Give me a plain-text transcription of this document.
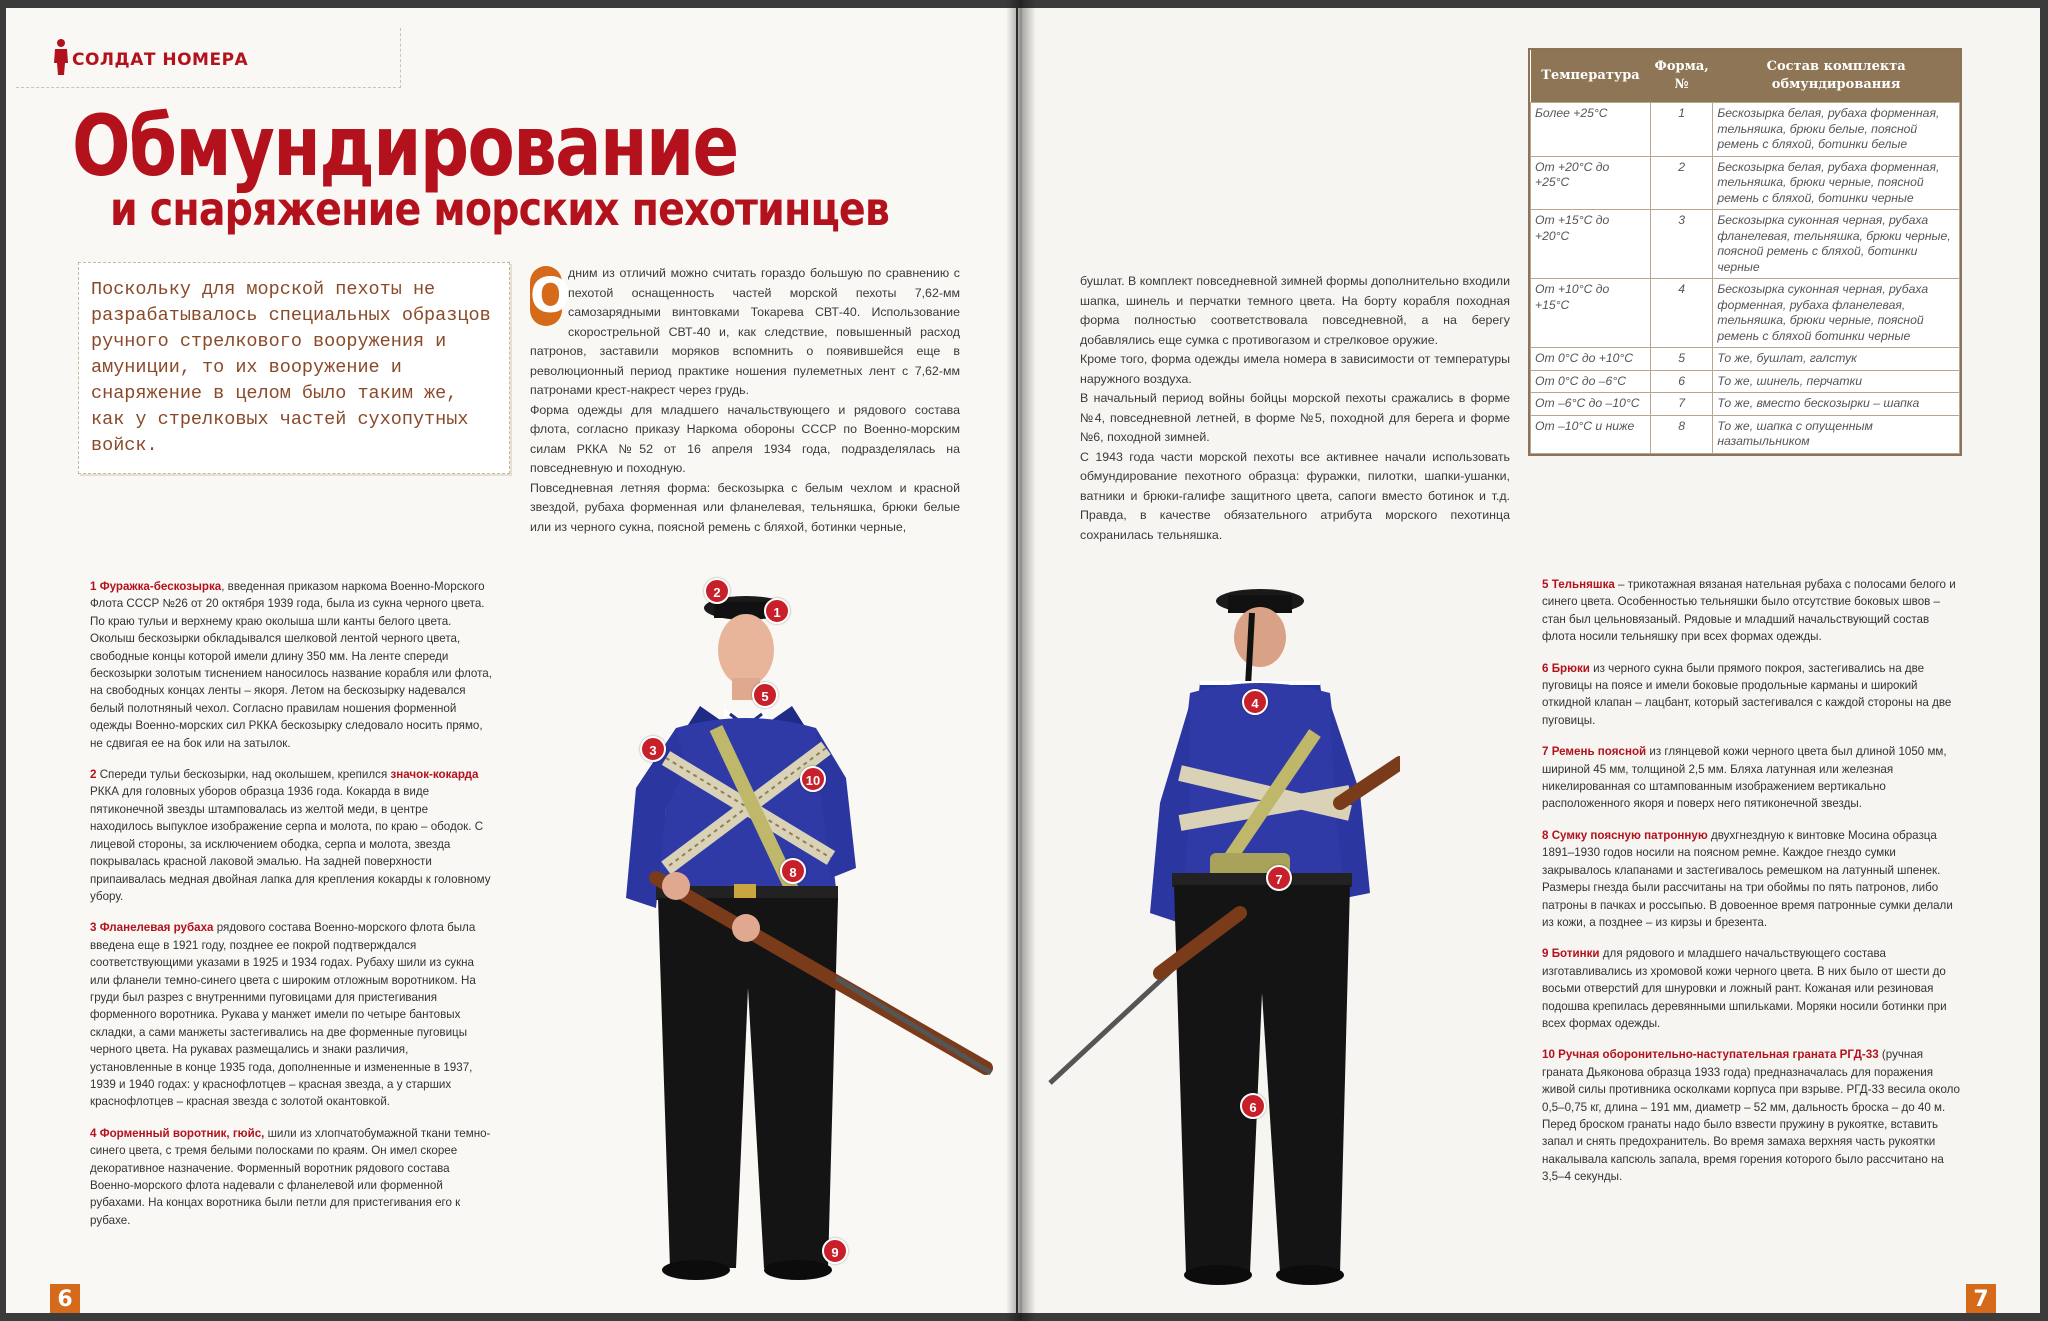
СОЛДАТ НОМЕРА
Обмундирование
и снаряжение морских пехотинцев
Поскольку для морской пехоты не разрабатывалось специальных образцов ручного стрелкового вооружения и амуниции, то их вооружение и снаряжение в целом было таким же, как у стрелковых частей сухопутных войск.
О

дним из отличий можно считать гораздо большую по сравнению с пехотой оснащенность частей морской пехоты 7,62-мм самозарядными винтовками Токарева СВТ-40. Использование скорострельной СВТ-40 и, как следствие, повышенный расход патронов, заставили моряков вспомнить о появившейся еще в революционный период практике ношения пулеметных лент с 7,62-мм патронами крест-накрест через грудь.

Форма одежды для младшего начальствующего и рядового состава флота, согласно приказу Наркома обороны СССР по Военно-морским силам РККА №52 от 16 апреля 1934 года, подразделялась на повседневную и походную.

Повседневная летняя форма: бескозырка с белым чехлом и красной звездой, рубаха форменная или фланелевая, тельняшка, брюки белые или из черного сукна, поясной ремень с бляхой, ботинки черные,

1 Фуражка-бескозырка, введенная приказом наркома Военно-Морского Флота СССР №26 от 20 октября 1939 года, была из сукна черного цвета. По краю тульи и верхнему краю околыша шли канты белого цвета. Околыш бескозырки обкладывался шелковой лентой черного цвета, свободные концы которой имели длину 350 мм. На ленте спереди бескозырки золотым тиснением наносилось название корабля или флота, на свободных концах ленты – якоря. Летом на бескозырку надевался белый полотняный чехол. Согласно правилам ношения форменной одежды Военно-морских сил РККА бескозырку следовало носить прямо, не сдвигая ее на бок или на затылок.
2 Спереди тульи бескозырки, над околышем, крепился значок-кокарда РККА для головных уборов образца 1936 года. Кокарда в виде пятиконечной звезды штамповалась из желтой меди, в центре находилось выпуклое изображение серпа и молота, по краю – ободок. С лицевой стороны, за исключением ободка, серпа и молота, звезда покрывалась красной лаковой эмалью. На задней поверхности припаивалась медная двойная лапка для крепления кокарды к головному убору.
3 Фланелевая рубаха рядового состава Военно-морского флота была введена еще в 1921 году, позднее ее покрой подтверждался соответствующими указами в 1925 и 1934 годах. Рубаху шили из сукна или фланели темно-синего цвета с широким отложным воротником. На груди был разрез с внутренними пуговицами для пристегивания форменного воротника. Рукава у манжет имели по четыре бантовых складки, а сами манжеты застегивались на две форменные пуговицы черного цвета. На рукавах размещались и знаки различия, установленные в конце 1935 года, дополненные и измененные в 1937, 1939 и 1940 годах: у краснофлотцев – красная звезда, а у старших краснофлотцев – красная звезда с золотой окантовкой.
4 Форменный воротник, гюйс, шили из хлопчатобумажной ткани темно-синего цвета, с тремя белыми полосками по краям. Он имел скорее декоративное назначение. Форменный воротник рядового состава Военно-морского флота надевали с фланелевой или форменной рубахами. На концах воротника были петли для пристегивания его к рубахе.
1
2
3
5
8
9
10
6

бушлат. В комплект повседневной зимней формы дополнительно входили шапка, шинель и перчатки темного цвета. На борту корабля походная форма полностью соответствовала повседневной, а на берегу добавлялись еще сумка с противогазом и стрелковое оружие.

Кроме того, форма одежды имела номера в зависимости от температуры наружного воздуха.

В начальный период войны бойцы морской пехоты сражались в форме №4, повседневной летней, в форме №5, походной для берега и форме №6, походной зимней.

С 1943 года части морской пехоты все активнее начали использовать обмундирование пехотного образца: фуражки, пилотки, шапки-ушанки, ватники и брюки-галифе защитного цвета, сапоги вместо ботинок и т.д. Правда, в качестве обязательного атрибута морского пехотинца сохранилась тельняшка.

Температура	Форма, №	Состав комплекта обмундирования
Более +25°С	1	Бескозырка белая, рубаха форменная, тельняшка, брюки белые, поясной ремень с бляхой, ботинки белые
От +20°С до +25°С	2	Бескозырка белая, рубаха форменная, тельняшка, брюки черные, поясной ремень с бляхой, ботинки черные
От +15°С до +20°С	3	Бескозырка суконная черная, рубаха фланелевая, тельняшка, брюки черные, поясной ремень с бляхой, ботинки черные
От +10°С до +15°С	4	Бескозырка суконная черная, рубаха форменная, рубаха фланелевая, тельняшка, брюки черные, поясной ремень с бляхой ботинки черные
От 0°С до +10°С	5	То же, бушлат, галстук
От 0°С до –6°С	6	То же, шинель, перчатки
От –6°С до –10°С	7	То же, вместо бескозырки – шапка
От –10°С и ниже	8	То же, шапка с опущенным назатыльником
4
6
7
5 Тельняшка – трикотажная вязаная нательная рубаха с полосами белого и синего цвета. Особенностью тельняшки было отсутствие боковых швов – стан был цельновязаный. Рядовые и младший начальствующий состав флота носили тельняшку при всех формах одежды.
6 Брюки из черного сукна были прямого покроя, застегивались на две пуговицы на поясе и имели боковые продольные карманы и широкий откидной клапан – лацбант, который застегивался с каждой стороны на две пуговицы.
7 Ремень поясной из глянцевой кожи черного цвета был длиной 1050 мм, шириной 45 мм, толщиной 2,5 мм. Бляха латунная или железная никелированная со штампованным изображением вертикально расположенного якоря и поверх него пятиконечной звезды.
8 Сумку поясную патронную двухгнездную к винтовке Мосина образца 1891–1930 годов носили на поясном ремне. Каждое гнездо сумки закрывалось клапанами и застегивалось ремешком на латунный шпенек. Размеры гнезда были рассчитаны на три обоймы по пять патронов, либо патроны в пачках и россыпью. В довоенное время патронные сумки делали из кожи, а позднее – из кирзы и брезента.
9 Ботинки для рядового и младшего начальствующего состава изготавливались из хромовой кожи черного цвета. В них было от шести до восьми отверстий для шнуровки и ложный рант. Кожаная или резиновая подошва крепилась деревянными шпильками. Моряки носили ботинки при всех формах одежды.
10 Ручная оборонительно-наступательная граната РГД-33 (ручная граната Дьяконова образца 1933 года) предназначалась для поражения живой силы противника осколками корпуса при взрыве. РГД-33 весила около 0,5–0,75 кг, длина – 191 мм, диаметр – 52 мм, дальность броска – до 40 м. Перед броском гранаты надо было взвести пружину в рукоятке, вставить запал и снять предохранитель. Во время замаха верхняя часть рукоятки накалывала капсюль запала, время горения которого было рассчитано на 3,5–4 секунды.
7
